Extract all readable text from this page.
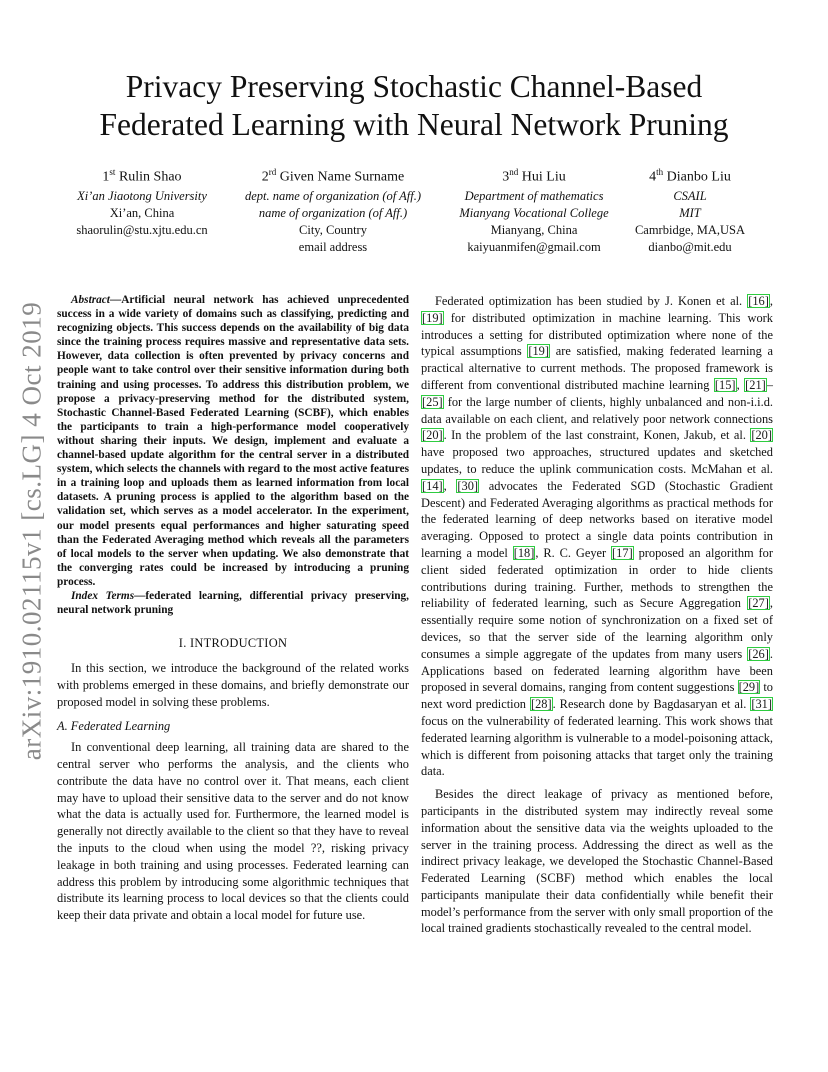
arXiv:1910.02115v1 [cs.LG] 4 Oct 2019
Privacy Preserving Stochastic Channel-Based
Federated Learning with Neural Network Pruning
1st Rulin Shao
Xi’an Jiaotong University
Xi’an, China
shaorulin@stu.xjtu.edu.cn
2rd Given Name Surname
dept. name of organization (of Aff.)
name of organization (of Aff.)
City, Country
email address
3nd Hui Liu
Department of mathematics
Mianyang Vocational College
Mianyang, China
kaiyuanmifen@gmail.com
4th Dianbo Liu
CSAIL
MIT
Camrbidge, MA,USA
dianbo@mit.edu

Abstract—Artificial neural network has achieved unprecedented success in a wide variety of domains such as classifying, predicting and recognizing objects. This success depends on the availability of big data since the training process requires massive and representative data sets. However, data collection is often prevented by privacy concerns and people want to take control over their sensitive information during both training and using processes. To address this distribution problem, we propose a privacy-preserving method for the distributed system, Stochastic Channel-Based Federated Learning (SCBF), which enables the participants to train a high-performance model cooperatively without sharing their inputs. We design, implement and evaluate a channel-based update algorithm for the central server in a distributed system, which selects the channels with regard to the most active features in a training loop and uploads them as learned information from local datasets. A pruning process is applied to the algorithm based on the validation set, which serves as a model accelerator. In the experiment, our model presents equal performances and higher saturating speed than the Federated Averaging method which reveals all the parameters of local models to the server when updating. We also demonstrate that the converging rates could be increased by introducing a pruning process.

Index Terms—federated learning, differential privacy preserving, neural network pruning

I. INTRODUCTION

In this section, we introduce the background of the related works with problems emerged in these domains, and briefly demonstrate our proposed model in solving these problems.

A. Federated Learning

In conventional deep learning, all training data are shared to the central server who performs the analysis, and the clients who contribute the data have no control over it. That means, each client may have to upload their sensitive data to the server and do not know what the data is actually used for. Furthermore, the learned model is generally not directly available to the client so that they have to reveal the inputs to the cloud when using the model ??, risking privacy leakage in both training and using processes. Federated learning can address this problem by introducing some algorithmic techniques that distribute its learning process to local devices so that the clients could keep their data private and obtain a local model for future use.

Federated optimization has been studied by J. Konen et al. [16], [19] for distributed optimization in machine learning. This work introduces a setting for distributed optimization where none of the typical assumptions [19] are satisfied, making federated learning a practical alternative to current methods. The proposed framework is different from conventional distributed machine learning [15], [21]–[25] for the large number of clients, highly unbalanced and non-i.i.d. data available on each client, and relatively poor network connections [20]. In the problem of the last constraint, Konen, Jakub, et al. [20] have proposed two approaches, structured updates and sketched updates, to reduce the uplink communication costs. McMahan et al. [14], [30] advocates the Federated SGD (Stochastic Gradient Descent) and Federated Averaging algorithms as practical methods for the federated learning of deep networks based on iterative model averaging. Opposed to protect a single data points contribution in learning a model [18], R. C. Geyer [17] proposed an algorithm for client sided federated optimization in order to hide clients contributions during training. Further, methods to strengthen the reliability of federated learning, such as Secure Aggregation [27], essentially require some notion of synchronization on a fixed set of devices, so that the server side of the learning algorithm only consumes a simple aggregate of the updates from many users [26]. Applications based on federated learning algorithm have been proposed in several domains, ranging from content suggestions [29] to next word prediction [28]. Research done by Bagdasaryan et al. [31] focus on the vulnerability of federated learning. This work shows that federated learning algorithm is vulnerable to a model-poisoning attack, which is different from poisoning attacks that target only the training data.

Besides the direct leakage of privacy as mentioned before, participants in the distributed system may indirectly reveal some information about the sensitive data via the weights uploaded to the server in the training process. Addressing the direct as well as the indirect privacy leakage, we developed the Stochastic Channel-Based Federated Learning (SCBF) method which enables the local participants manipulate their data confidentially while benefit their model’s performance from the server with only small proportion of the local trained gradients stochastically revealed to the central model.
